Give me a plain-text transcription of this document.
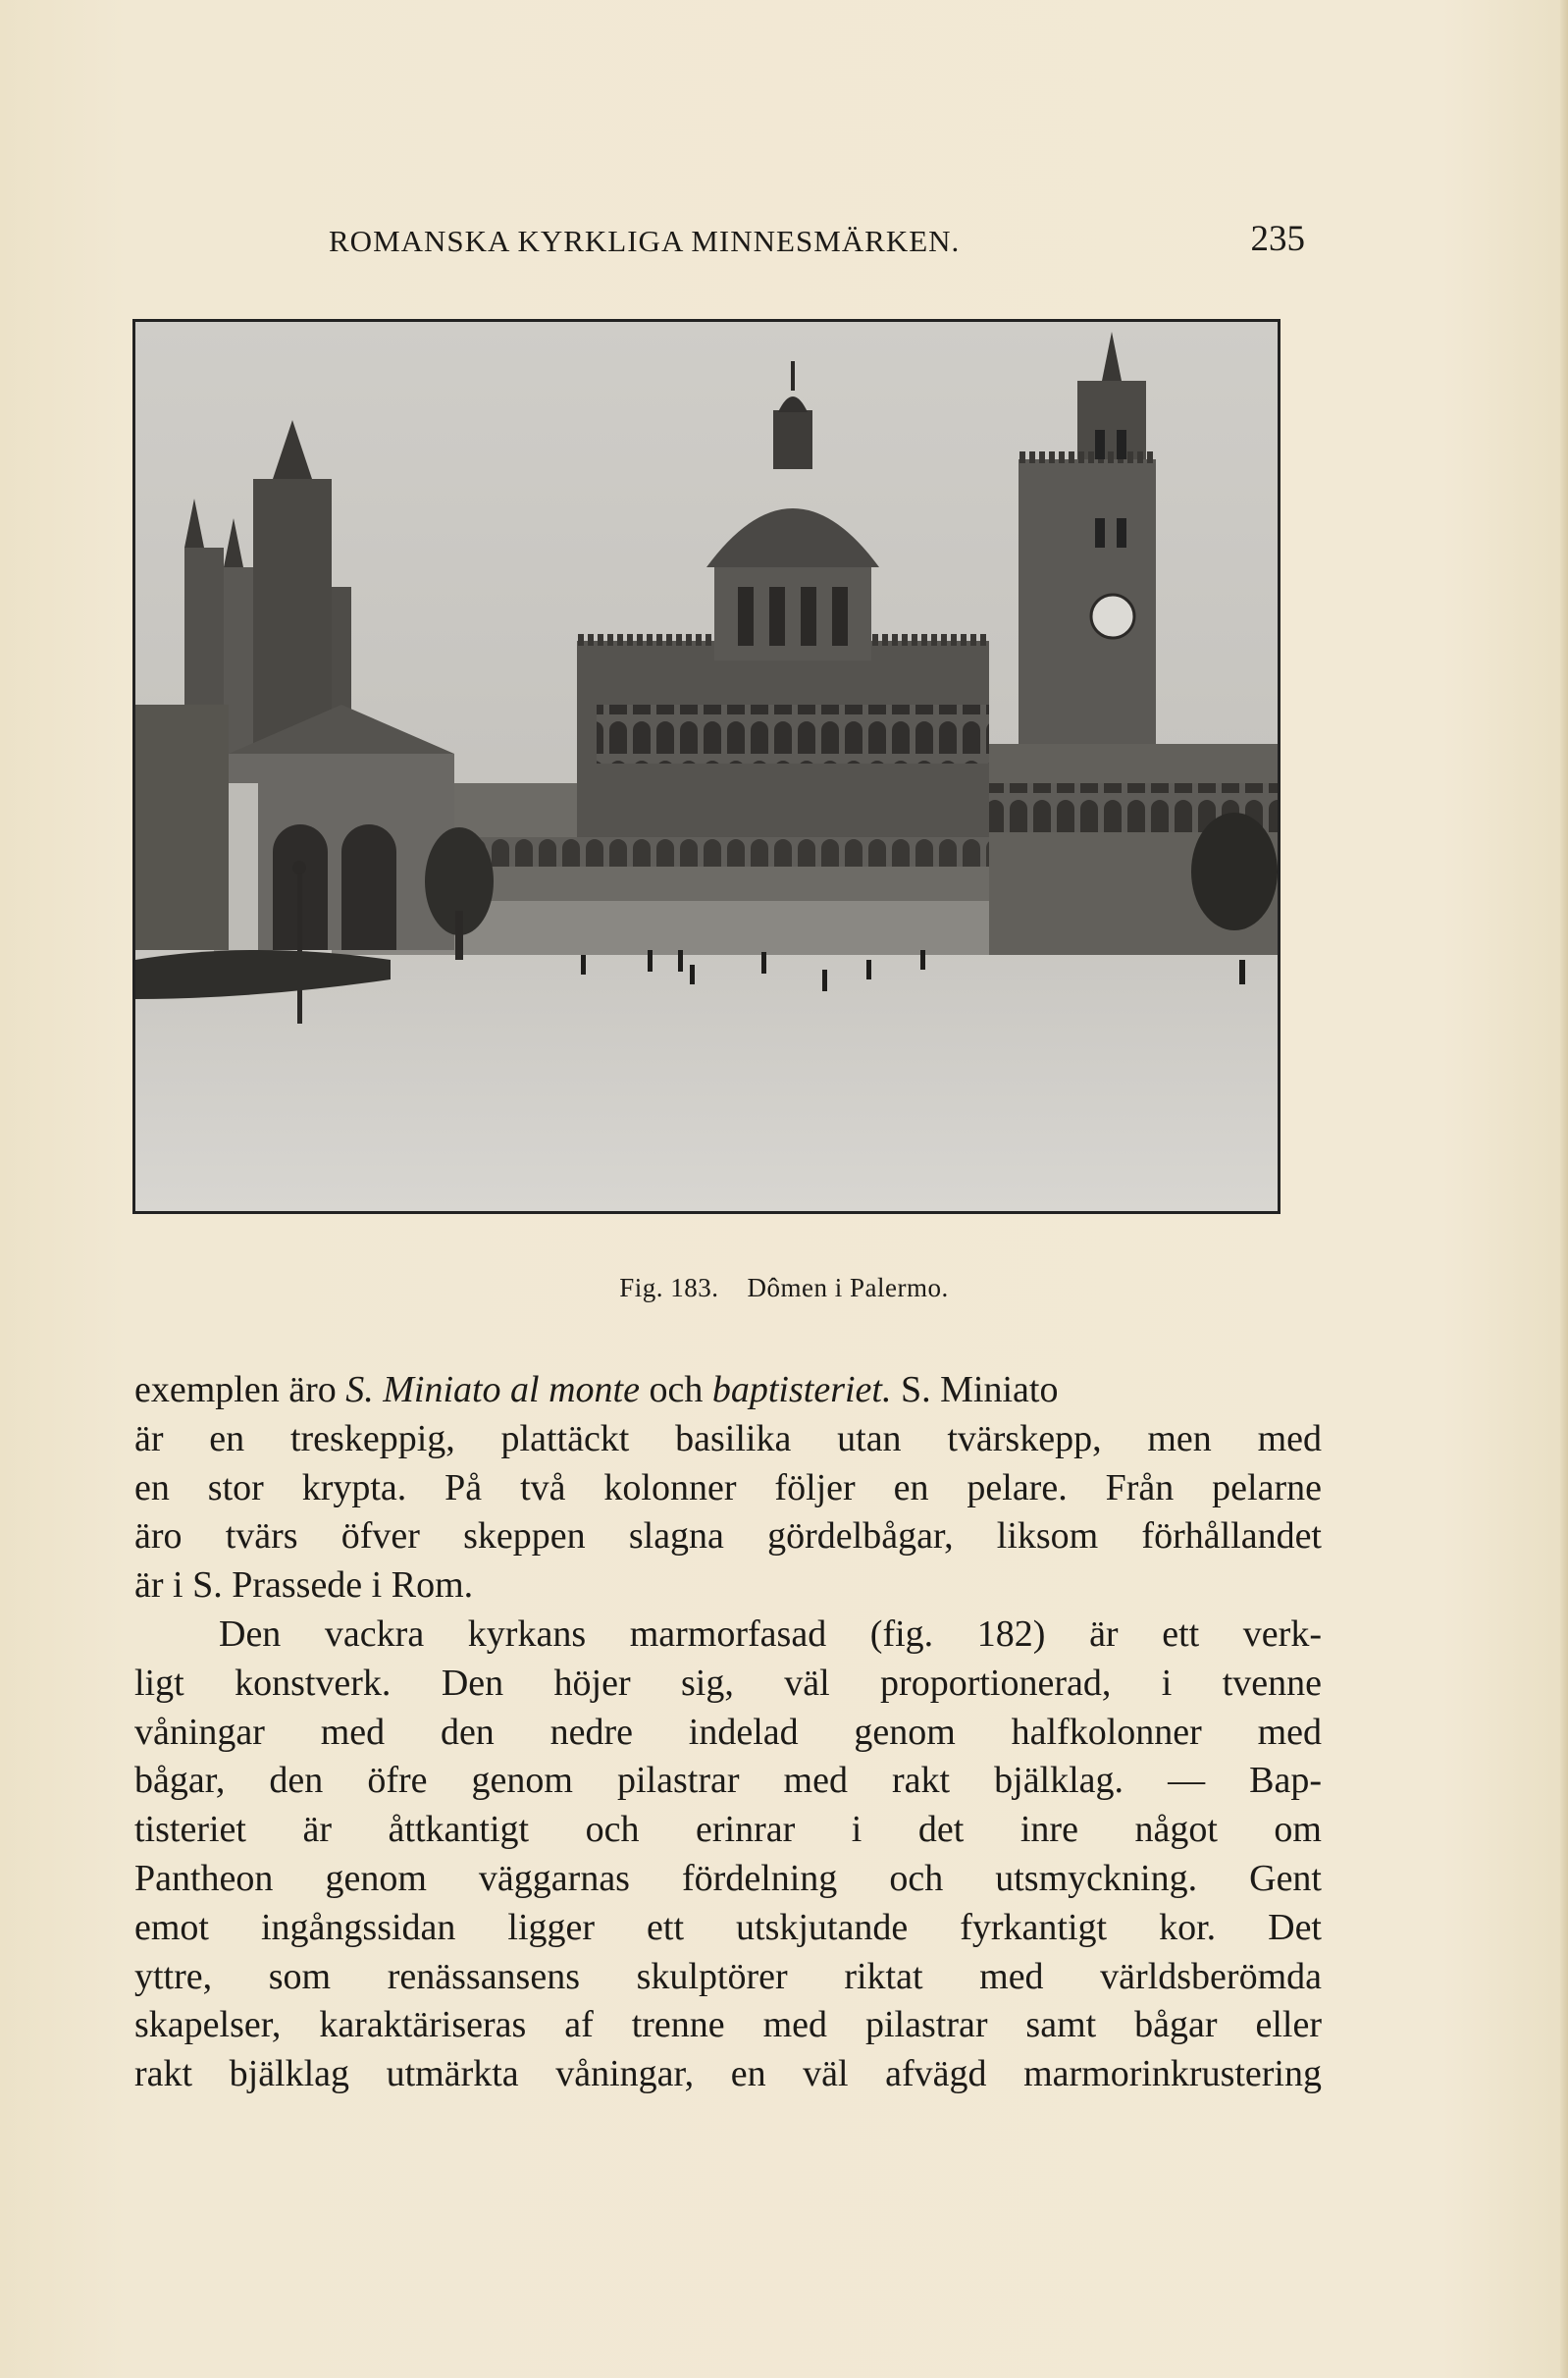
ROMANSKA KYRKLIGA MINNESMÄRKEN.	235
Fig. 183. Dômen i Palermo.
exemplen äro S. Miniato al monte och baptisteriet. S. Miniato
är en treskeppig, plattäckt basilika utan tvärskepp, men med
en stor krypta. På två kolonner följer en pelare. Från pelarne
äro tvärs öfver skeppen slagna gördelbågar, liksom förhållandet
är i S. Prassede i Rom.
Den vackra kyrkans marmorfasad (fig. 182) är ett verk-
ligt konstverk. Den höjer sig, väl proportionerad, i tvenne
våningar med den nedre indelad genom halfkolonner med
bågar, den öfre genom pilastrar med rakt bjälklag. — Bap-
tisteriet är åttkantigt och erinrar i det inre något om
Pantheon genom väggarnas fördelning och utsmyckning. Gent
emot ingångssidan ligger ett utskjutande fyrkantigt kor. Det
yttre, som renässansens skulptörer riktat med världsberömda
skapelser, karaktäriseras af trenne med pilastrar samt bågar eller
rakt bjälklag utmärkta våningar, en väl afvägd marmorinkrustering
